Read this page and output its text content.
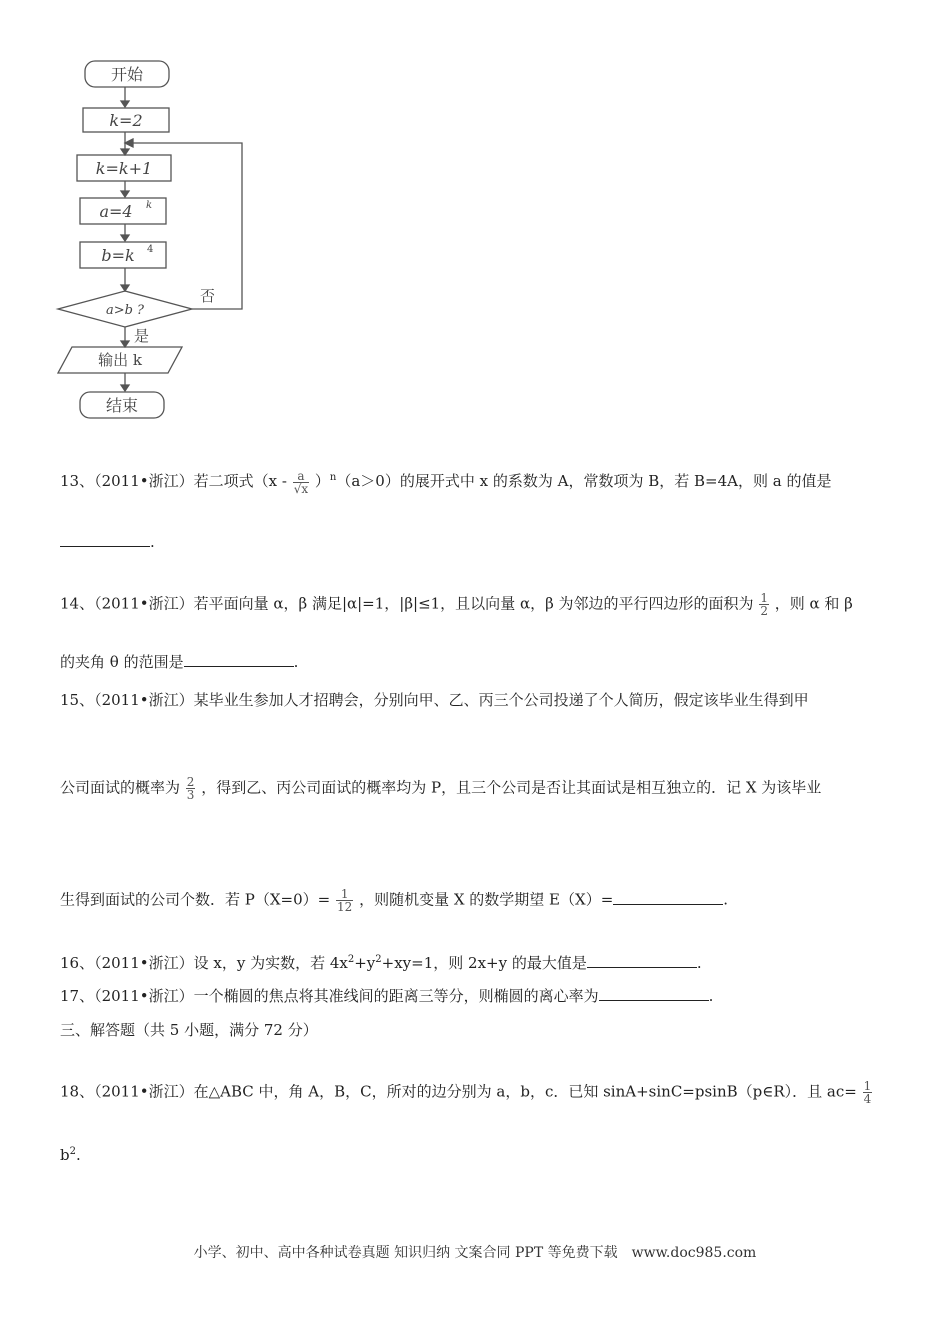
开始
k=2
k=k+1
a=4 k
b=k 4
a>b ?
否
是
输出 k
结束
13、（2011•浙江）若二项式$(x - \frac{a}{√x} )^n(a>0)$的展开式中 x 的系数为 A，常数项为 B，若 B=4A，则 a 的值是
.
14、（2011•浙江）若平面向量 α，β 满足|α|=1，|β|≤1，且以向量 α，β 为邻边的平行四边形的面积为 $\frac{1}{2}$ ，则 α 和 β
的夹角 θ 的范围是	.
15、（2011•浙江）某毕业生参加人才招聘会，分别向甲、乙、丙三个公司投递了个人简历，假定该毕业生得到甲
公司面试的概率为 $\frac{2}{3}$ ，得到乙、丙公司面试的概率均为 P，且三个公司是否让其面试是相互独立的．记 X 为该毕业
生得到面试的公司个数．若 $P(X=0)= \frac{1}{12}$ ，则随机变量 X 的数学期望 E（X）=	.
16、（2011•浙江）设 x，y 为实数，若 $4x^2+y^2+xy=1$，则 2x+y 的最大值是	.
17、（2011•浙江）一个椭圆的焦点将其准线间的距离三等分，则椭圆的离心率为	.
三、解答题（共 5 小题，满分 72 分）
18、（2011•浙江）在△ABC 中，角 A，B，C，所对的边分别为 a，b，c．已知 sinA+sinC=psinB（p∈R）．且 $ac= \frac{1}{4}$
$b^2$.
小学、初中、高中各种试卷真题 知识归纳 文案合同 PPT 等免费下载　www.doc985.com
